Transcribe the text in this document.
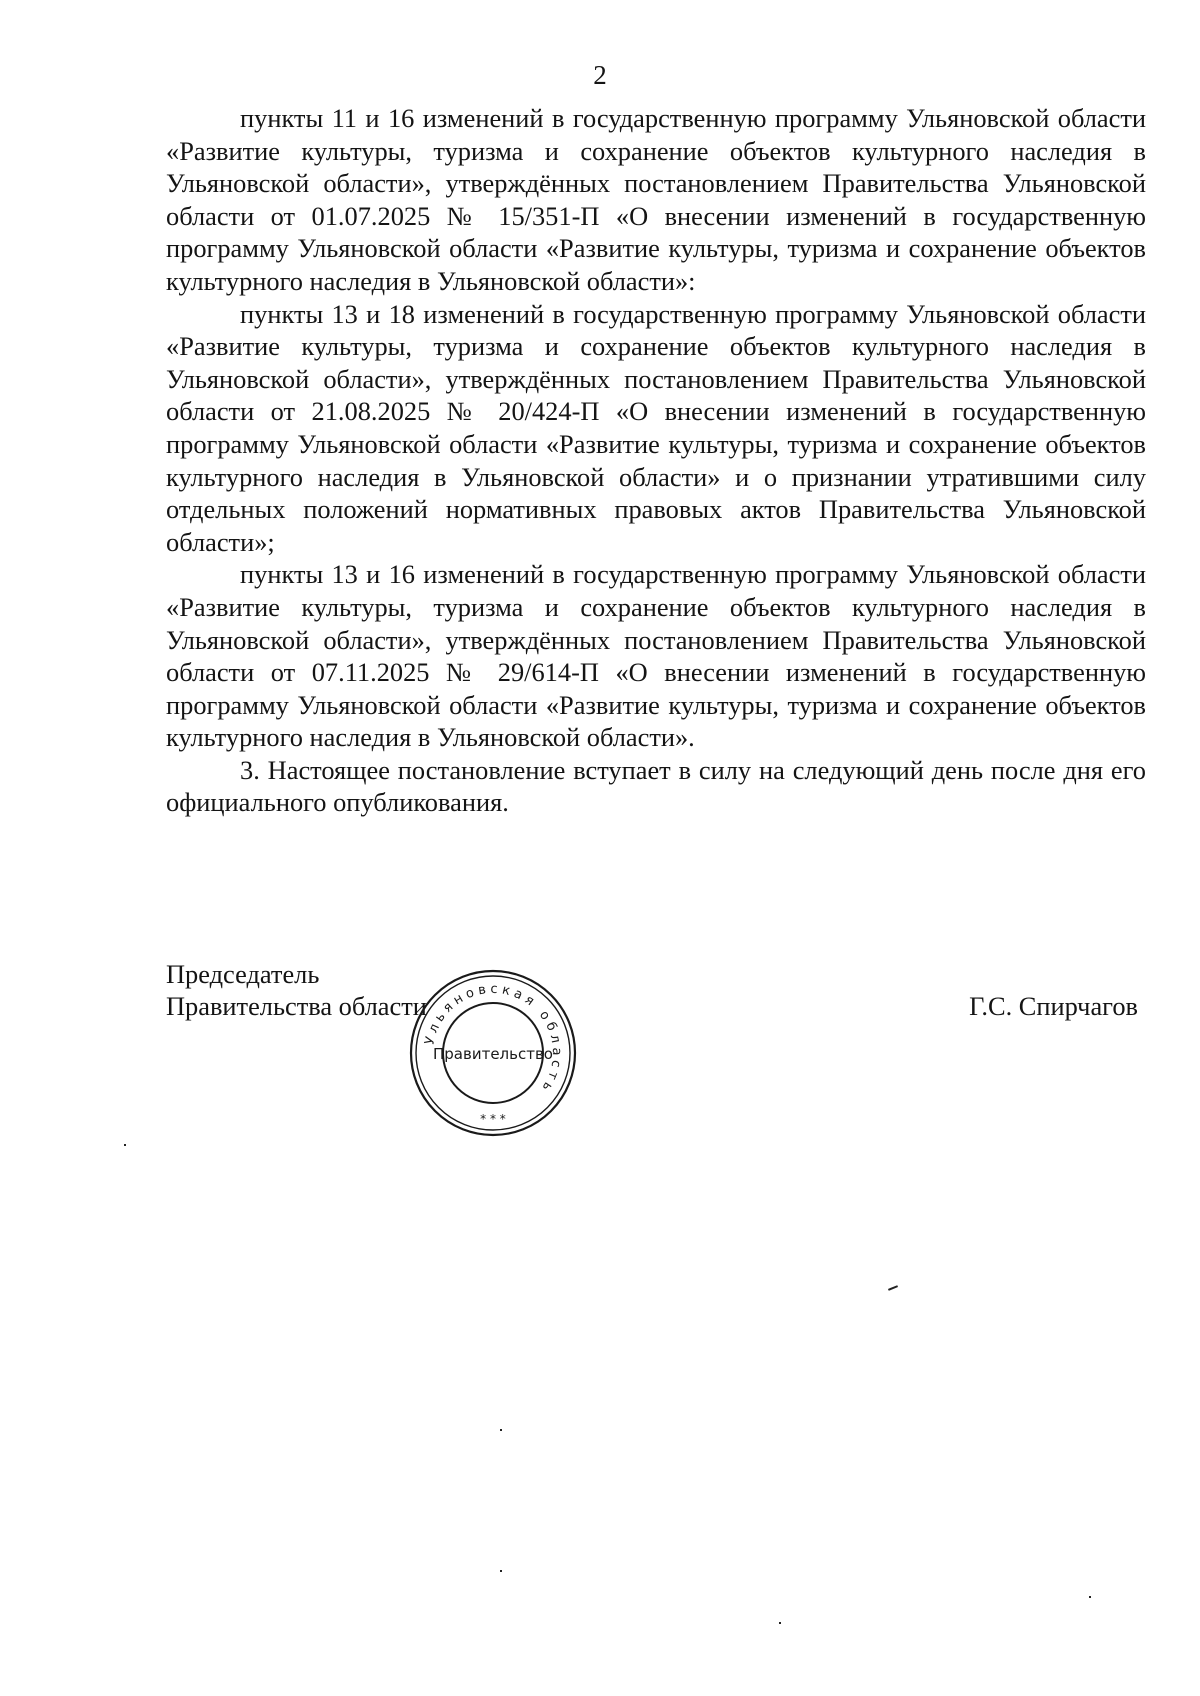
2

пункты 11 и 16 изменений в государственную программу Ульяновской области «Развитие культуры, туризма и сохранение объектов культурного наследия в Ульяновской области», утверждённых постановлением Правительства Ульяновской области от 01.07.2025 № 15/351-П «О внесении изменений в государственную программу Ульяновской области «Развитие культуры, туризма и сохранение объектов культурного наследия в Ульяновской области»:

пункты 13 и 18 изменений в государственную программу Ульяновской области «Развитие культуры, туризма и сохранение объектов культурного наследия в Ульяновской области», утверждённых постановлением Правительства Ульяновской области от 21.08.2025 № 20/424-П «О внесении изменений в государственную программу Ульяновской области «Развитие культуры, туризма и сохранение объектов культурного наследия в Ульяновской области» и о признании утратившими силу отдельных положений нормативных правовых актов Правительства Ульяновской области»;

пункты 13 и 16 изменений в государственную программу Ульяновской области «Развитие культуры, туризма и сохранение объектов культурного наследия в Ульяновской области», утверждённых постановлением Правительства Ульяновской области от 07.11.2025 № 29/614-П «О внесении изменений в государственную программу Ульяновской области «Развитие культуры, туризма и сохранение объектов культурного наследия в Ульяновской области».

3. Настоящее постановление вступает в силу на следующий день после дня его официального опубликования.

Председатель
Правительства области	Г.С. Спирчагов
Ульяновская область
Правительство
* * *
